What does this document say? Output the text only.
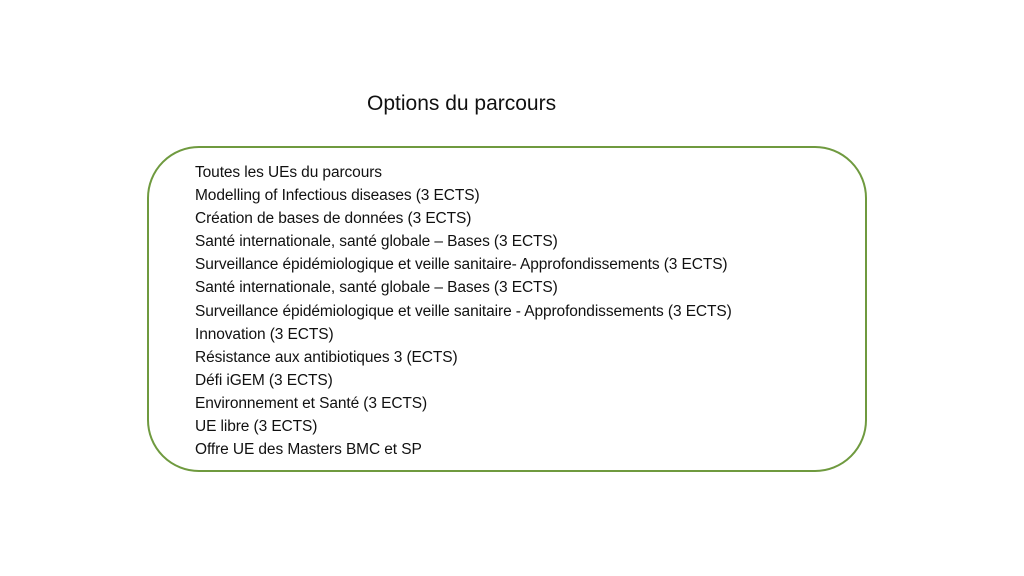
Options du parcours
Toutes les UEs du parcours
Modelling of Infectious diseases (3 ECTS)
Création de bases de données (3 ECTS)
Santé internationale, santé globale – Bases (3 ECTS)
Surveillance épidémiologique et veille sanitaire- Approfondissements (3 ECTS)
Santé internationale, santé globale – Bases (3 ECTS)
Surveillance épidémiologique et veille sanitaire - Approfondissements (3 ECTS)
Innovation (3 ECTS)
Résistance aux antibiotiques 3 (ECTS)
Défi iGEM (3 ECTS)
Environnement et Santé (3 ECTS)
UE libre (3 ECTS)
Offre UE des Masters BMC et SP
